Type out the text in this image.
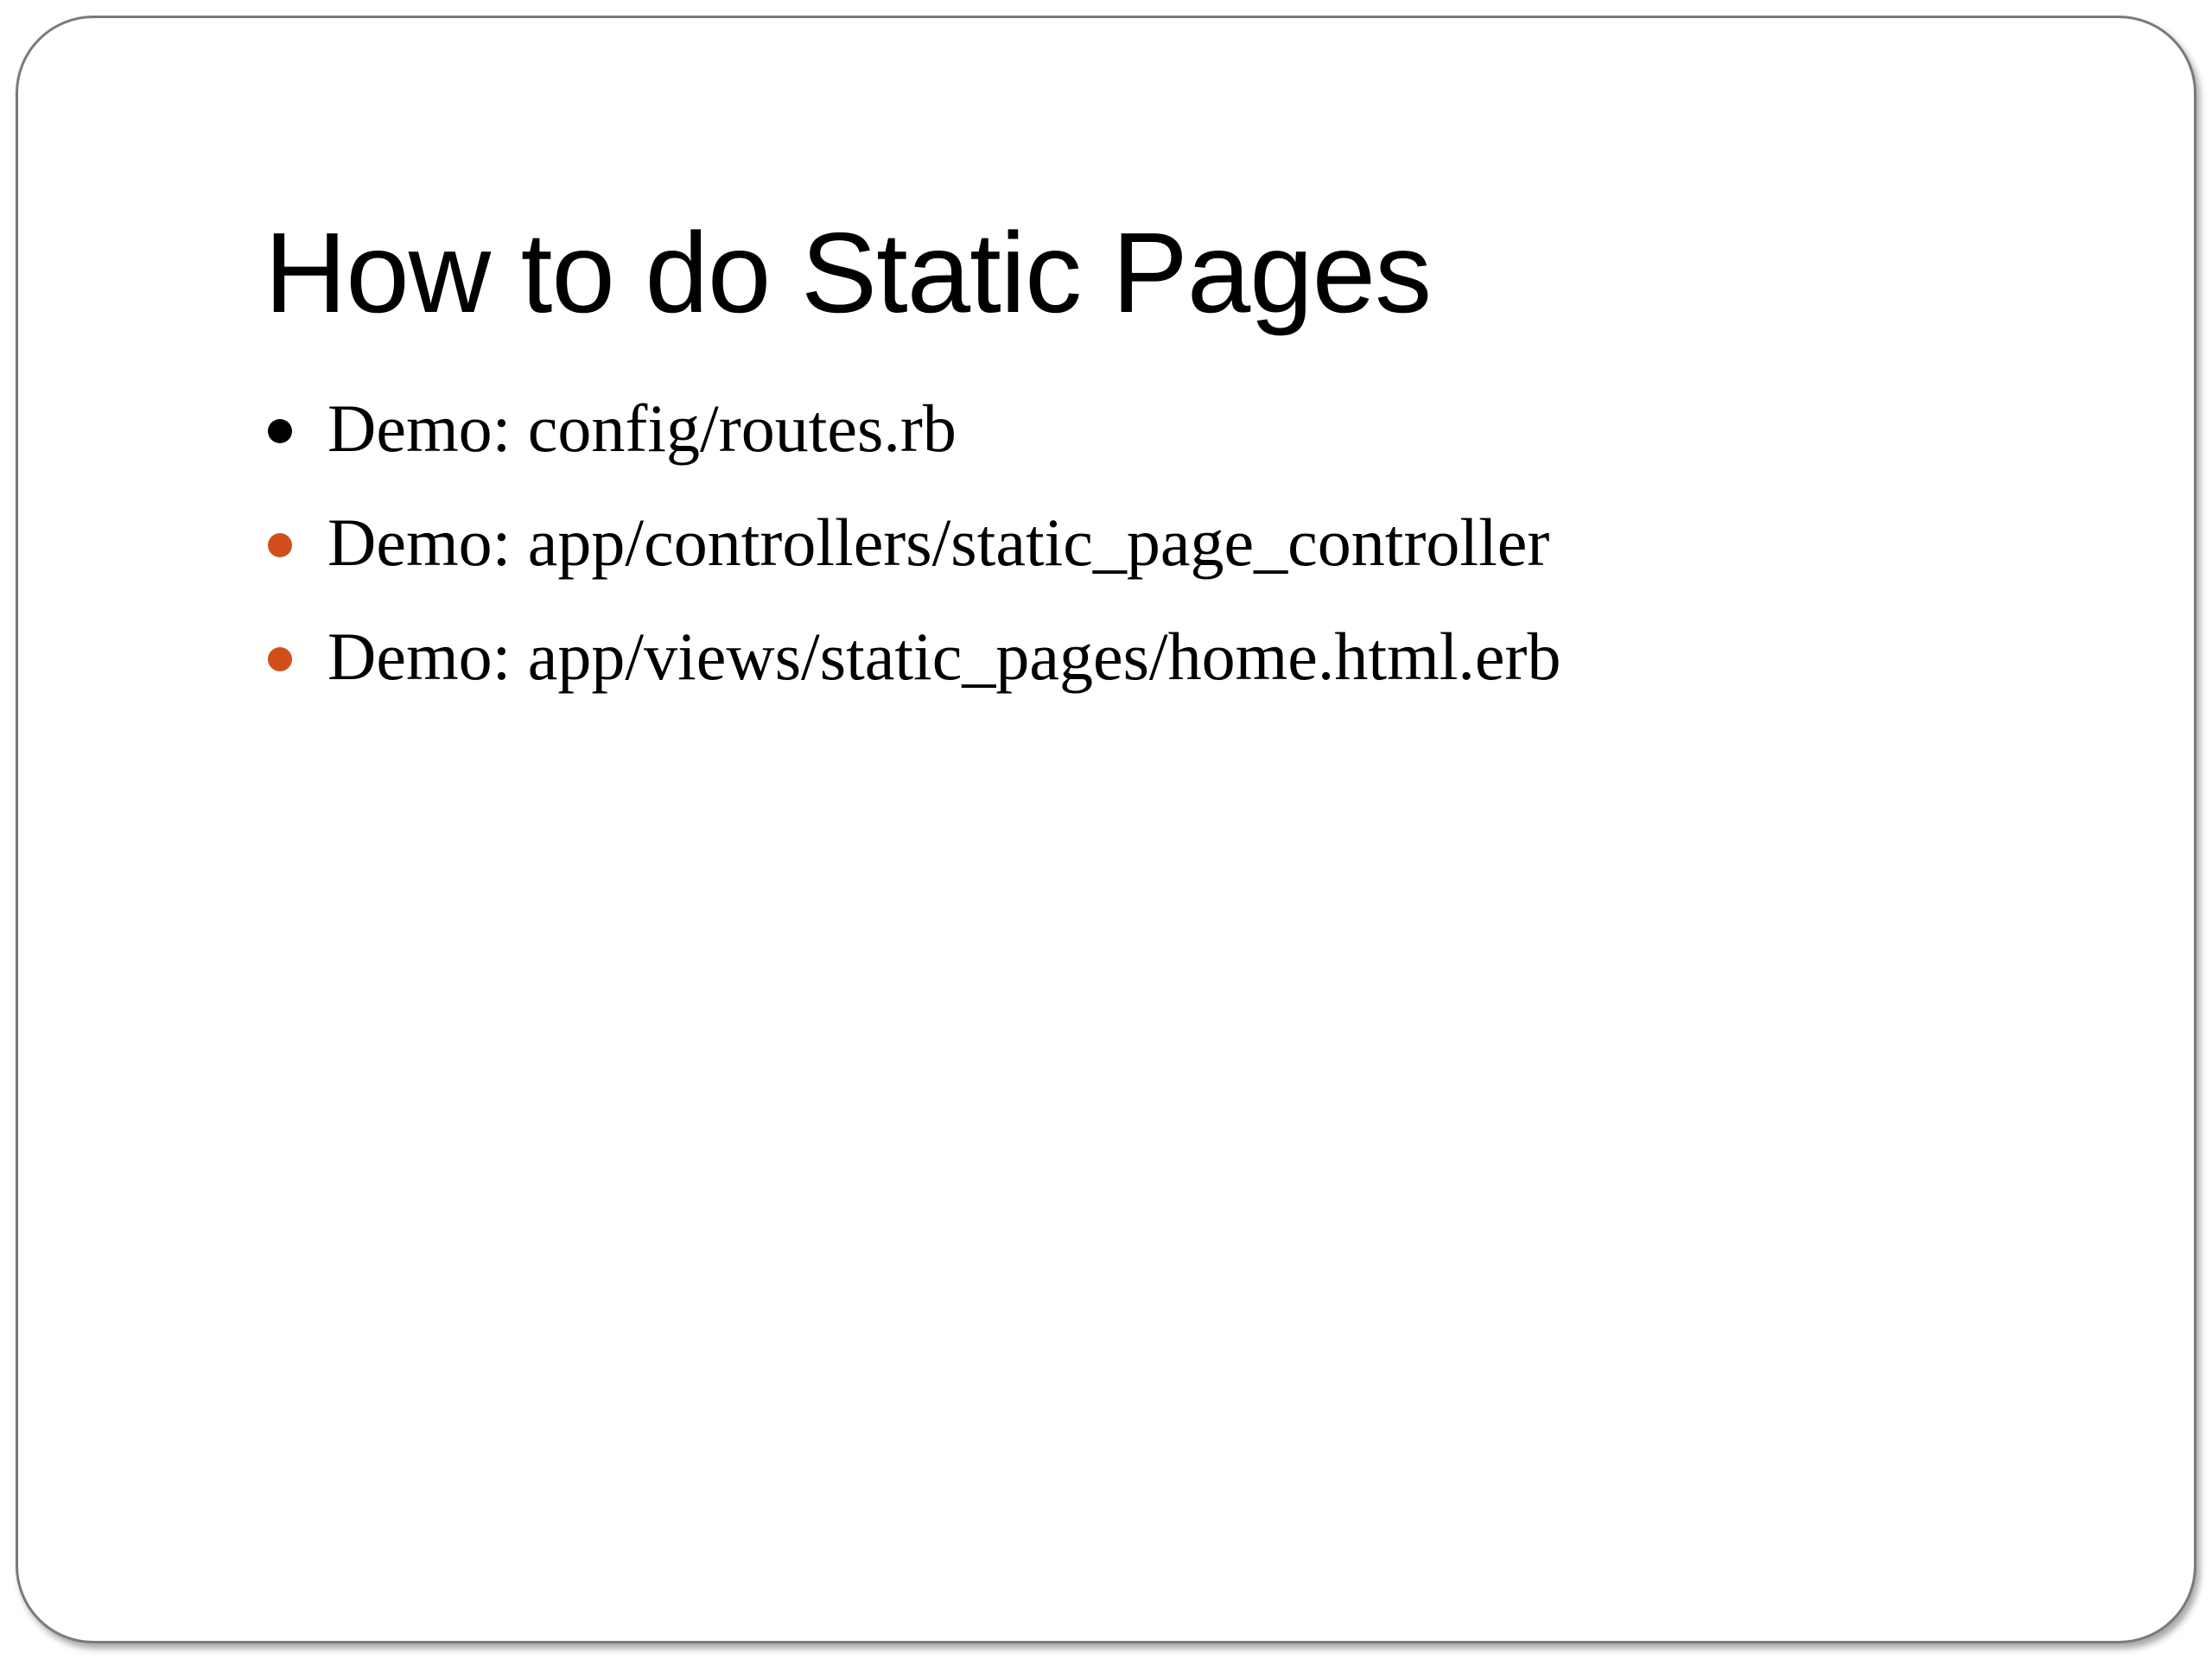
How to do Static Pages
Demo: config/routes.rb
Demo: app/controllers/static_page_controller
Demo: app/views/static_pages/home.html.erb
